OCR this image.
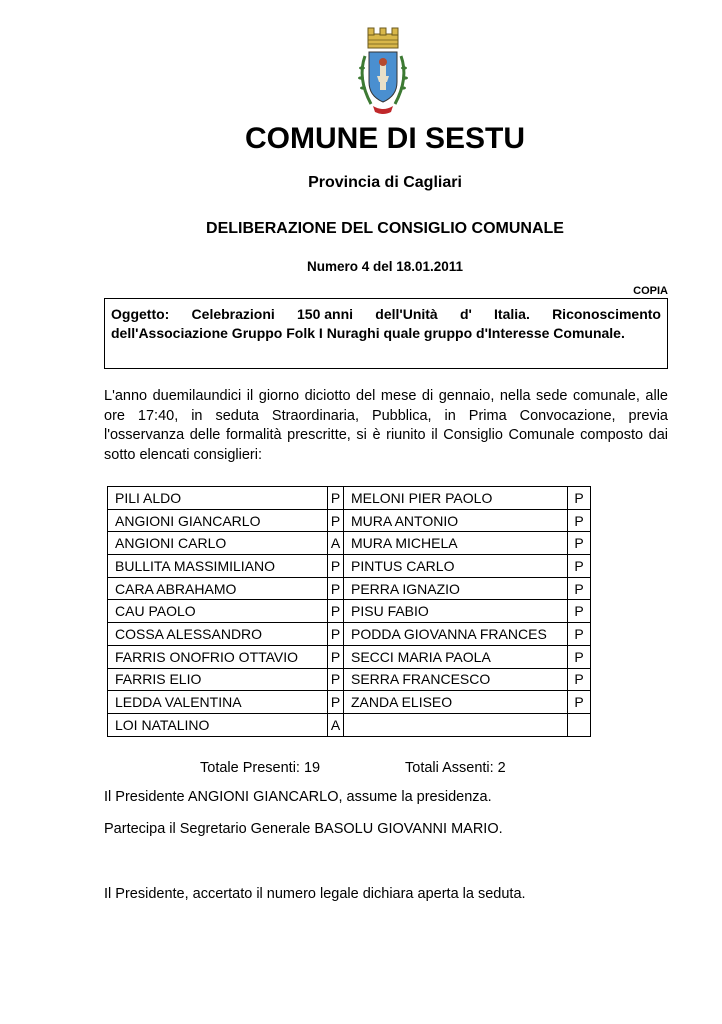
COMUNE DI SESTU
Provincia di Cagliari
DELIBERAZIONE DEL CONSIGLIO COMUNALE
Numero 4 del 18.01.2011
COPIA
Oggetto: Celebrazioni 150 anni dell'Unità d' Italia. Riconoscimento
dell'Associazione Gruppo Folk I Nuraghi quale gruppo d'Interesse Comunale.
L'anno duemilaundici il giorno diciotto del mese di gennaio, nella sede comunale, alle ore 17:40, in seduta Straordinaria, Pubblica, in Prima Convocazione, previa l'osservanza delle formalità prescritte, si è riunito il Consiglio Comunale composto dai sotto elencati consiglieri:
PILI ALDO	P	MELONI PIER PAOLO	P
ANGIONI GIANCARLO	P	MURA ANTONIO	P
ANGIONI CARLO	A	MURA MICHELA	P
BULLITA MASSIMILIANO	P	PINTUS CARLO	P
CARA ABRAHAMO	P	PERRA IGNAZIO	P
CAU PAOLO	P	PISU FABIO	P
COSSA ALESSANDRO	P	PODDA GIOVANNA FRANCES	P
FARRIS ONOFRIO OTTAVIO	P	SECCI MARIA PAOLA	P
FARRIS ELIO	P	SERRA FRANCESCO	P
LEDDA VALENTINA	P	ZANDA ELISEO	P
LOI NATALINO	A		
Totale Presenti: 19	Totali Assenti: 2
Il Presidente ANGIONI GIANCARLO, assume la presidenza.
Partecipa il Segretario Generale BASOLU GIOVANNI MARIO.
Il Presidente, accertato il numero legale dichiara aperta la seduta.
